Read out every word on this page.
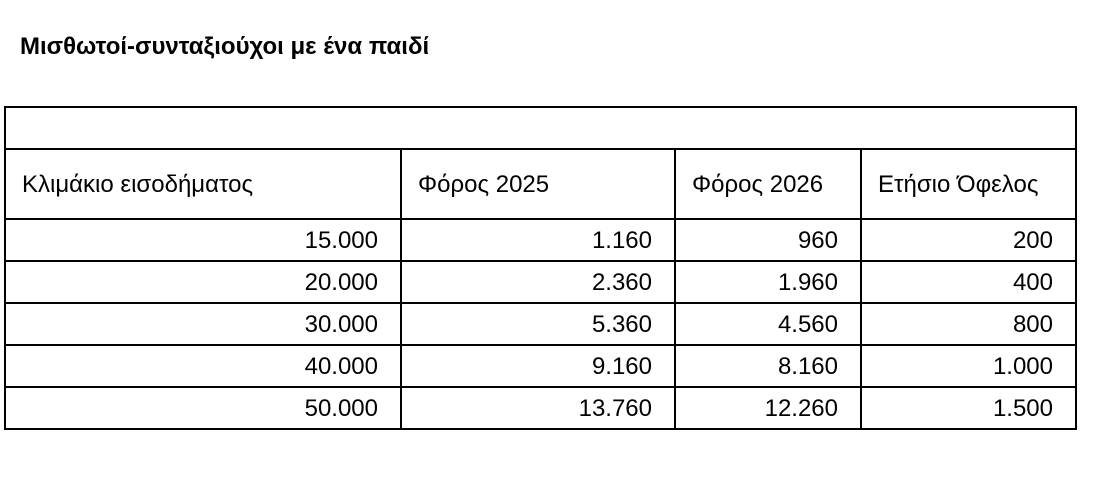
Μισθωτοί-συνταξιούχοι με ένα παιδί

Κλιμάκιο εισοδήματος	Φόρος 2025	Φόρος 2026	Ετήσιο Όφελος
15.000	1.160	960	200
20.000	2.360	1.960	400
30.000	5.360	4.560	800
40.000	9.160	8.160	1.000
50.000	13.760	12.260	1.500
